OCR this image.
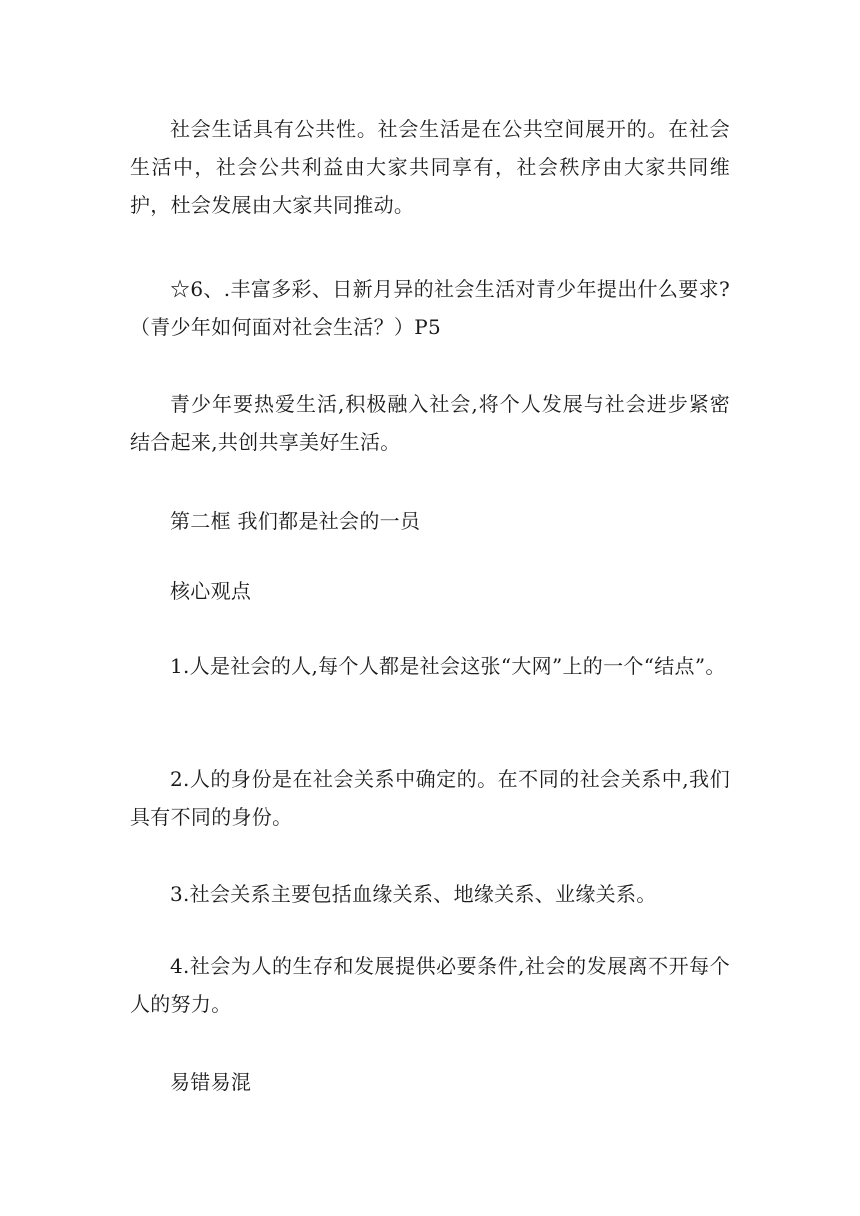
社会生话具有公共性。社会生活是在公共空间展开的。在社会生活中，社会公共利益由大家共同享有，社会秩序由大家共同维护，杜会发展由大家共同推动。

☆6、.丰富多彩、日新月异的社会生活对青少年提出什么要求?（青少年如何面对社会生活？）P5

青少年要热爱生活,积极融入社会,将个人发展与社会进步紧密结合起来,共创共享美好生活。

第二框 我们都是社会的一员

核心观点

1.人是社会的人,每个人都是社会这张“大网”上的一个“结点”。

2.人的身份是在社会关系中确定的。在不同的社会关系中,我们具有不同的身份。

3.社会关系主要包括血缘关系、地缘关系、业缘关系。

4.社会为人的生存和发展提供必要条件,社会的发展离不开每个人的努力。

易错易混
